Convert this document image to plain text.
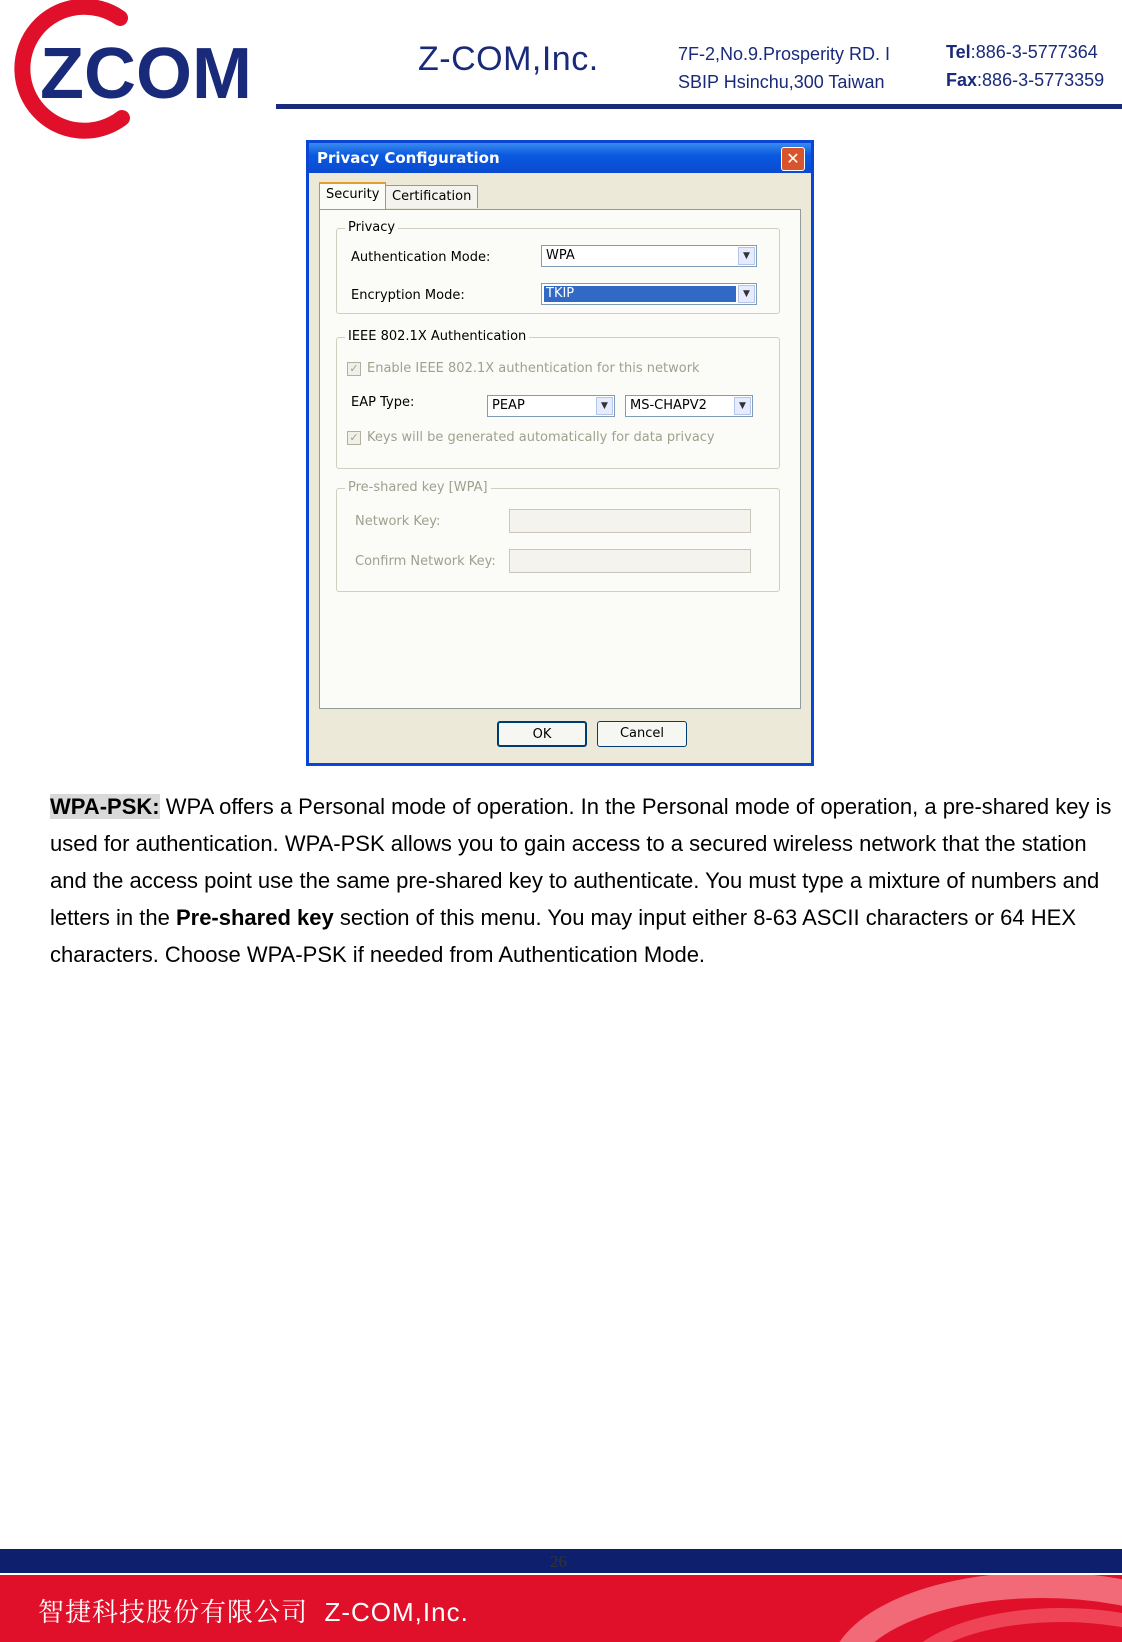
ZCOM	Z-COM,Inc.	7F-2,No.9.Prosperity RD. I
SBIP Hsinchu,300 Taiwan
Tel:886-3-5777364
Fax:886-3-5773359
Privacy Configuration	✕
Security Certification
Privacy
Authentication Mode:	WPA	▼
Encryption Mode:	TKIP	▼
IEEE 802.1X Authentication
✓ Enable IEEE 802.1X authentication for this network
EAP Type:	PEAP	▼	MS-CHAPV2	▼
✓ Keys will be generated automatically for data privacy
Pre-shared key [WPA]
Network Key:
Confirm Network Key:
OK	Cancel
WPA-PSK: WPA offers a Personal mode of operation. In the Personal mode of operation, a pre-shared key is used for authentication. WPA-PSK allows you to gain access to a secured wireless network that the station and the access point use the same pre-shared key to authenticate. You must type a mixture of numbers and letters in the Pre-shared key section of this menu. You may input either 8-63 ASCII characters or 64 HEX characters. Choose WPA-PSK if needed from Authentication Mode.
26
智捷科技股份有限公司 Z-COM,Inc.
